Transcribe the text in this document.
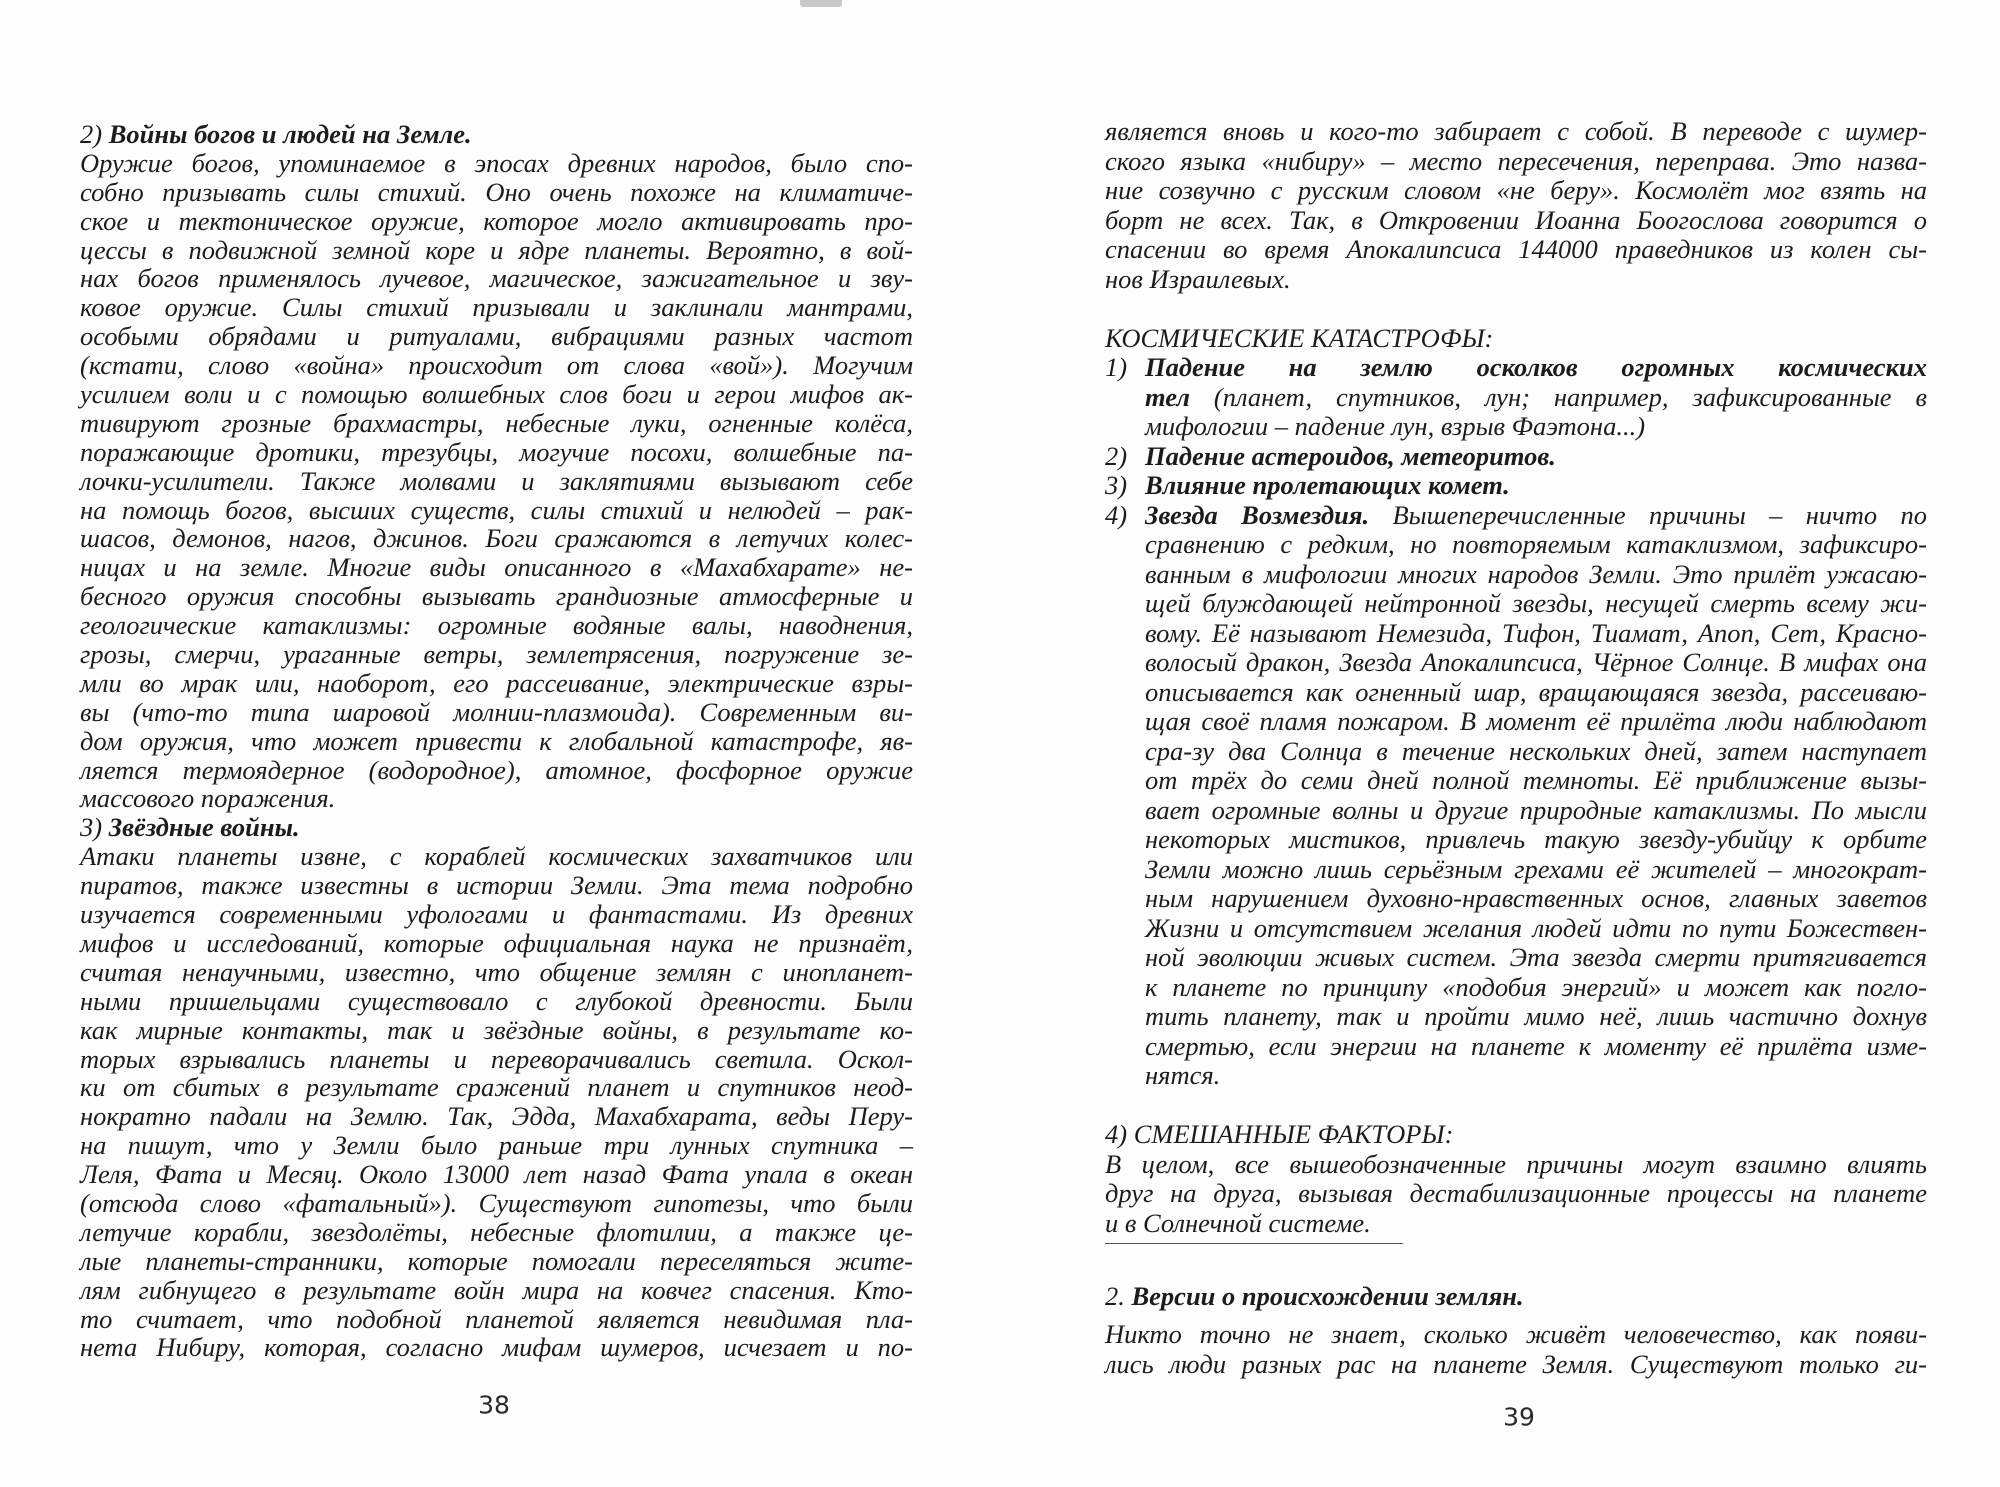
2) Войны богов и людей на Земле.
Оружие богов, упоминаемое в эпосах древних народов, было спо-
собно призывать силы стихий. Оно очень похоже на климатиче-
ское и тектоническое оружие, которое могло активировать про-
цессы в подвижной земной коре и ядре планеты. Вероятно, в вой-
нах богов применялось лучевое, магическое, зажигательное и зву-
ковое оружие. Силы стихий призывали и заклинали мантрами,
особыми обрядами и ритуалами, вибрациями разных частот
(кстати, слово «война» происходит от слова «вой»). Могучим
усилием воли и с помощью волшебных слов боги и герои мифов ак-
тивируют грозные брахмастры, небесные луки, огненные колёса,
поражающие дротики, трезубцы, могучие посохи, волшебные па-
лочки-усилители. Также молвами и заклятиями вызывают себе
на помощь богов, высших существ, силы стихий и нелюдей – рак-
шасов, демонов, нагов, джинов. Боги сражаются в летучих колес-
ницах и на земле. Многие виды описанного в «Махабхарате» не-
бесного оружия способны вызывать грандиозные атмосферные и
геологические катаклизмы: огромные водяные валы, наводнения,
грозы, смерчи, ураганные ветры, землетрясения, погружение зе-
мли во мрак или, наоборот, его рассеивание, электрические взры-
вы (что-то типа шаровой молнии-плазмоида). Современным ви-
дом оружия, что может привести к глобальной катастрофе, яв-
ляется термоядерное (водородное), атомное, фосфорное оружие
массового поражения.
3) Звёздные войны.
Атаки планеты извне, с кораблей космических захватчиков или
пиратов, также известны в истории Земли. Эта тема подробно
изучается современными уфологами и фантастами. Из древних
мифов и исследований, которые официальная наука не признаёт,
считая ненаучными, известно, что общение землян с инопланет-
ными пришельцами существовало с глубокой древности. Были
как мирные контакты, так и звёздные войны, в результате ко-
торых взрывались планеты и переворачивались светила. Оскол-
ки от сбитых в результате сражений планет и спутников неод-
нократно падали на Землю. Так, Эдда, Махабхарата, веды Перу-
на пишут, что у Земли было раньше три лунных спутника –
Леля, Фата и Месяц. Около 13000 лет назад Фата упала в океан
(отсюда слово «фатальный»). Существуют гипотезы, что были
летучие корабли, звездолёты, небесные флотилии, а также це-
лые планеты-странники, которые помогали переселяться жите-
лям гибнущего в результате войн мира на ковчег спасения. Кто-
то считает, что подобной планетой является невидимая пла-
нета Нибиру, которая, согласно мифам шумеров, исчезает и по-
является вновь и кого-то забирает с собой. В переводе с шумер-
ского языка «нибиру» – место пересечения, переправа. Это назва-
ние созвучно с русским словом «не беру». Космолёт мог взять на
борт не всех. Так, в Откровении Иоанна Боогослова говорится о
спасении во время Апокалипсиса 144000 праведников из колен сы-
нов Израилевых.
КОСМИЧЕСКИЕ КАТАСТРОФЫ:
1)Падение на землю осколков огромных космических
тел (планет, спутников, лун; например, зафиксированные в
мифологии – падение лун, взрыв Фаэтона...)
2)Падение астероидов, метеоритов.
3)Влияние пролетающих комет.
4)Звезда Возмездия. Вышеперечисленные причины – ничто по
сравнению с редким, но повторяемым катаклизмом, зафиксиро-
ванным в мифологии многих народов Земли. Это прилёт ужасаю-
щей блуждающей нейтронной звезды, несущей смерть всему жи-
вому. Её называют Немезида, Тифон, Тиамат, Апоп, Сет, Красно-
волосый дракон, Звезда Апокалипсиса, Чёрное Солнце. В мифах она
описывается как огненный шар, вращающаяся звезда, рассеиваю-
щая своё пламя пожаром. В момент её прилёта люди наблюдают
сра-зу два Солнца в течение нескольких дней, затем наступает
от трёх до семи дней полной темноты. Её приближение вызы-
вает огромные волны и другие природные катаклизмы. По мысли
некоторых мистиков, привлечь такую звезду-убийцу к орбите
Земли можно лишь серьёзным грехами её жителей – многократ-
ным нарушением духовно-нравственных основ, главных заветов
Жизни и отсутствием желания людей идти по пути Божествен-
ной эволюции живых систем. Эта звезда смерти притягивается
к планете по принципу «подобия энергий» и может как погло-
тить планету, так и пройти мимо неё, лишь частично дохнув
смертью, если энергии на планете к моменту её прилёта изме-
нятся.
4) СМЕШАННЫЕ ФАКТОРЫ:
В целом, все вышеобозначенные причины могут взаимно влиять
друг на друга, вызывая дестабилизационные процессы на планете
и в Солнечной системе.
2. Версии о происхождении землян.
Никто точно не знает, сколько живёт человечество, как появи-
лись люди разных рас на планете Земля. Существуют только ги-
38	39
